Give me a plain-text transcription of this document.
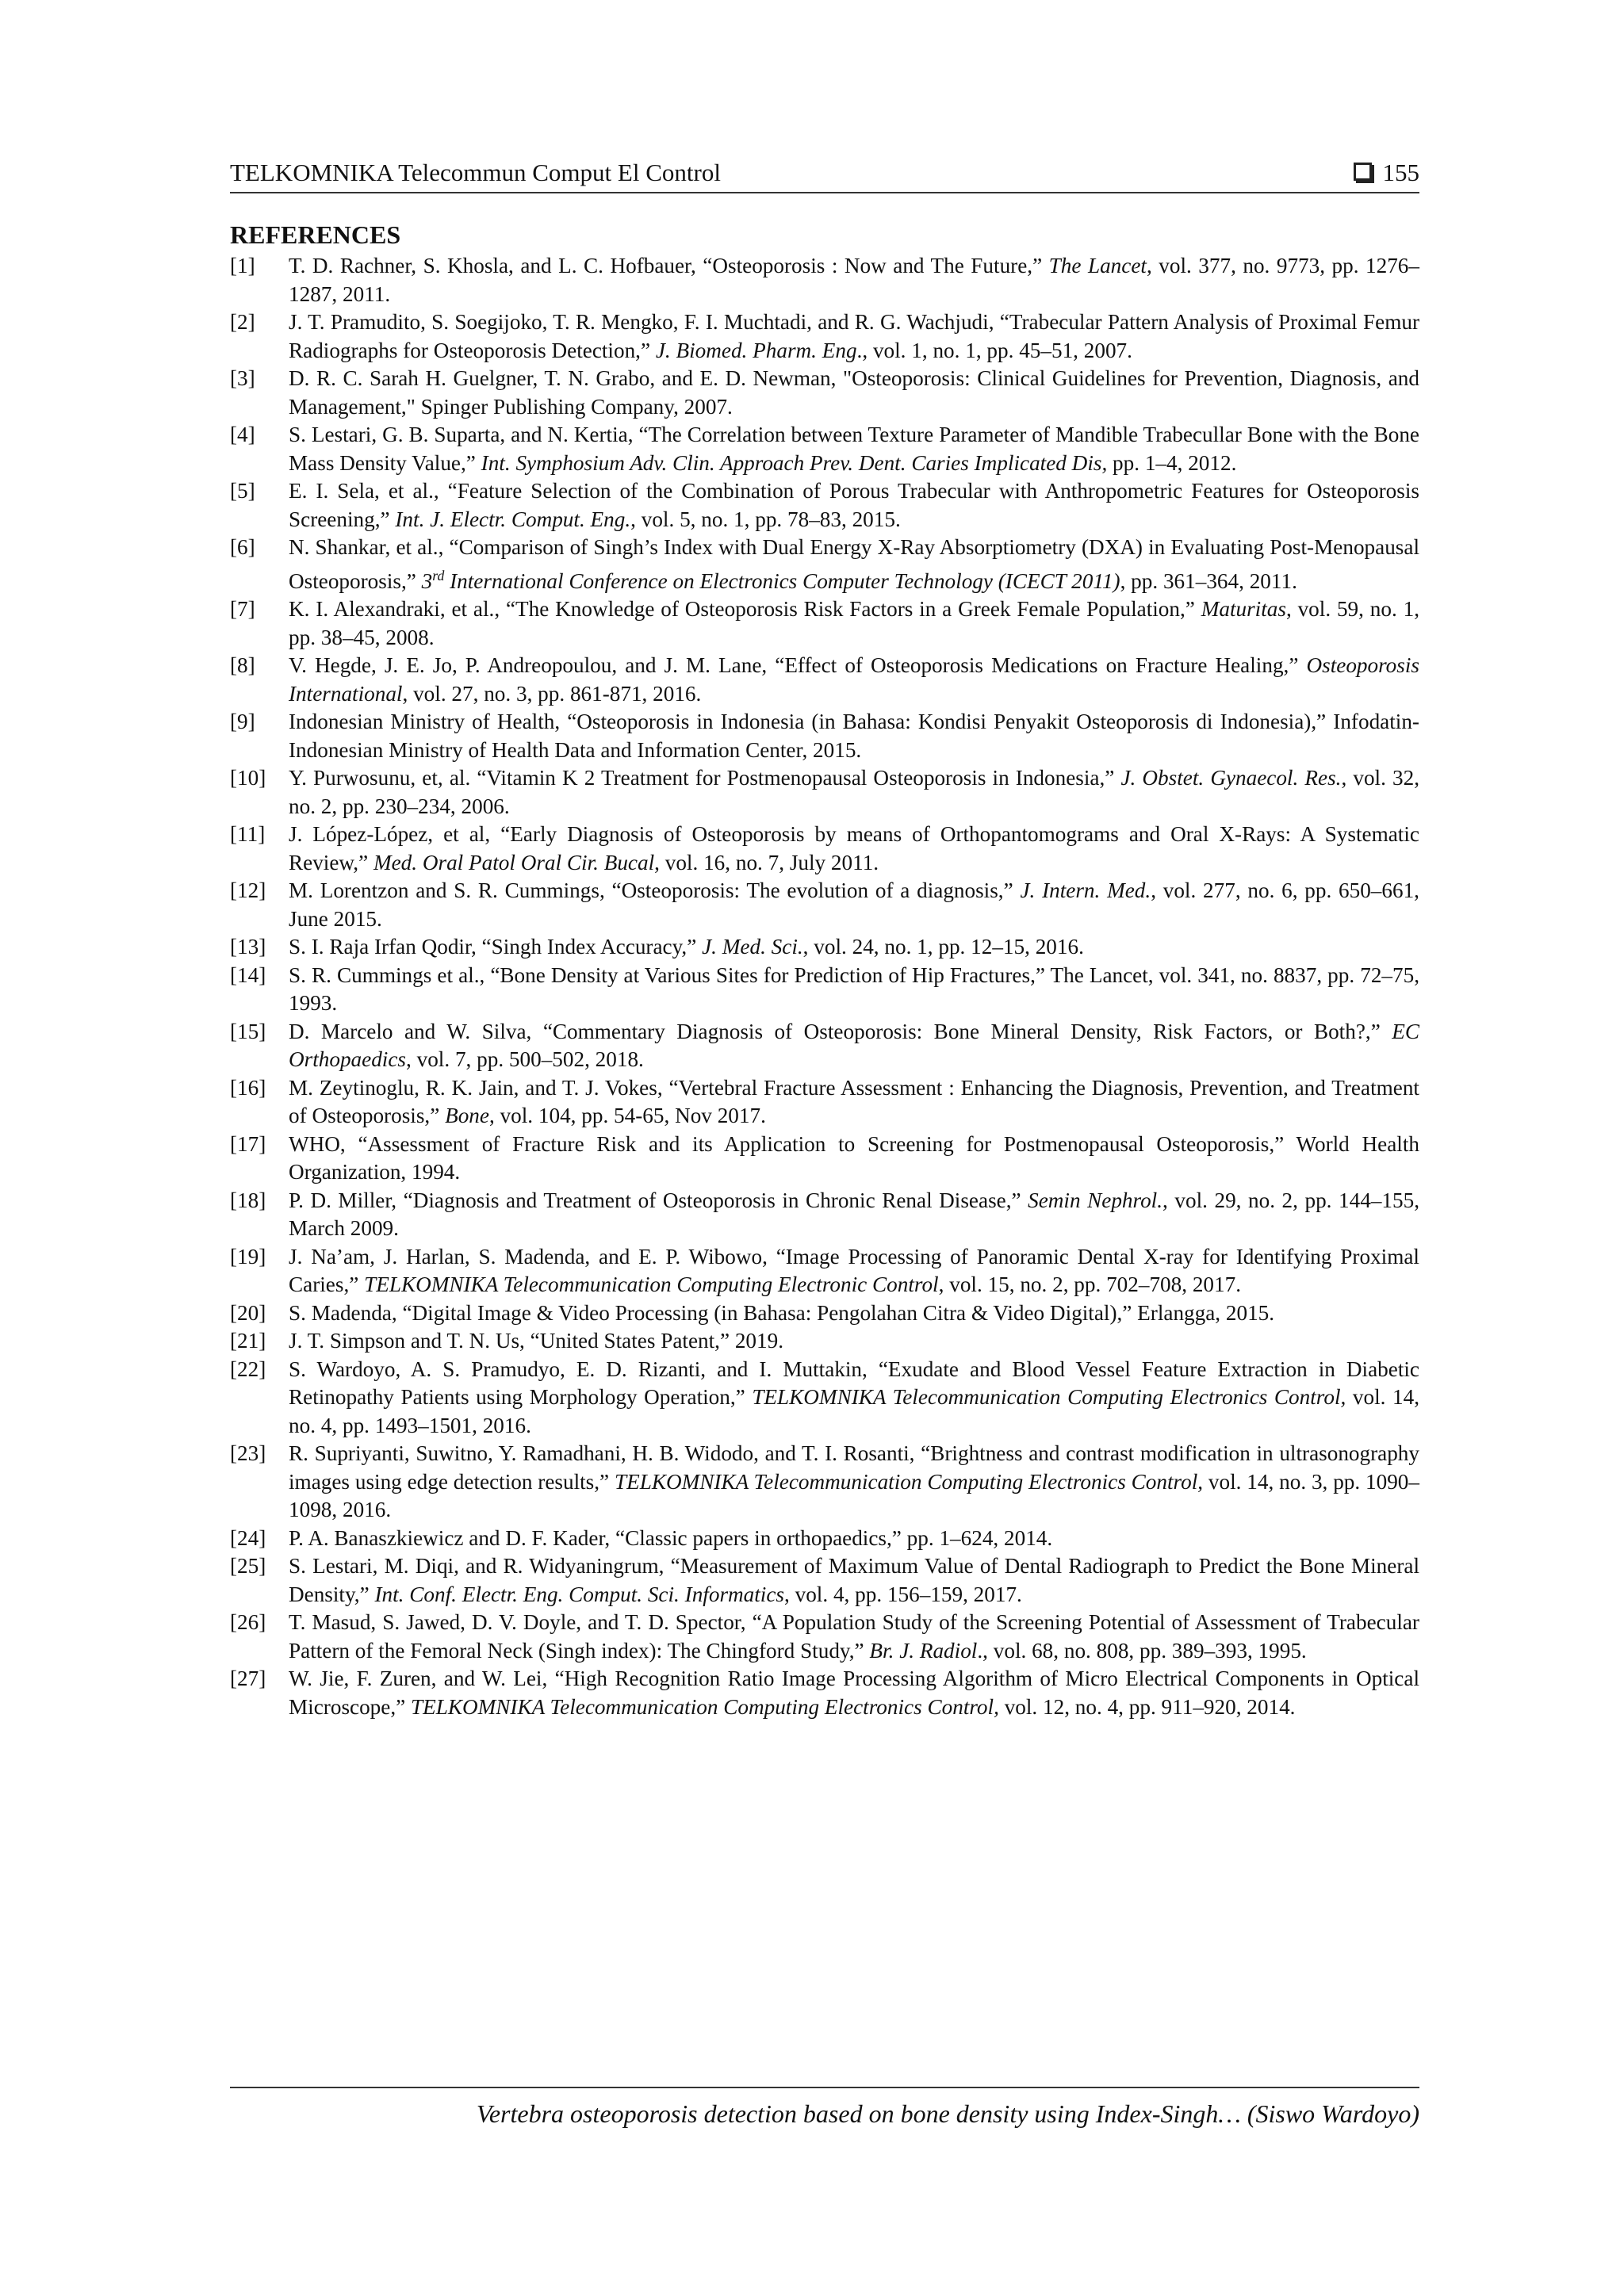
TELKOMNIKA Telecommun Comput El Control	155
REFERENCES
[1]	T. D. Rachner, S. Khosla, and L. C. Hofbauer, “Osteoporosis : Now and The Future,” The Lancet, vol. 377, no. 9773, pp. 1276–1287, 2011.
[2]	J. T. Pramudito, S. Soegijoko, T. R. Mengko, F. I. Muchtadi, and R. G. Wachjudi, “Trabecular Pattern Analysis of Proximal Femur Radiographs for Osteoporosis Detection,” J. Biomed. Pharm. Eng., vol. 1, no. 1, pp. 45–51, 2007.
[3]	D. R. C. Sarah H. Guelgner, T. N. Grabo, and E. D. Newman, "Osteoporosis: Clinical Guidelines for Prevention, Diagnosis, and Management," Spinger Publishing Company, 2007.
[4]	S. Lestari, G. B. Suparta, and N. Kertia, “The Correlation between Texture Parameter of Mandible Trabecullar Bone with the Bone Mass Density Value,” Int. Symphosium Adv. Clin. Approach Prev. Dent. Caries Implicated Dis, pp. 1–4, 2012.
[5]	E. I. Sela, et al., “Feature Selection of the Combination of Porous Trabecular with Anthropometric Features for Osteoporosis Screening,” Int. J. Electr. Comput. Eng., vol. 5, no. 1, pp. 78–83, 2015.
[6]	N. Shankar, et al., “Comparison of Singh’s Index with Dual Energy X-Ray Absorptiometry (DXA) in Evaluating Post-Menopausal Osteoporosis,” 3rd International Conference on Electronics Computer Technology (ICECT 2011), pp. 361–364, 2011.
[7]	K. I. Alexandraki, et al., “The Knowledge of Osteoporosis Risk Factors in a Greek Female Population,” Maturitas, vol. 59, no. 1, pp. 38–45, 2008.
[8]	V. Hegde, J. E. Jo, P. Andreopoulou, and J. M. Lane, “Effect of Osteoporosis Medications on Fracture Healing,” Osteoporosis International, vol. 27, no. 3, pp. 861-871, 2016.
[9]	Indonesian Ministry of Health, “Osteoporosis in Indonesia (in Bahasa: Kondisi Penyakit Osteoporosis di Indonesia),” Infodatin-Indonesian Ministry of Health Data and Information Center, 2015.
[10]	Y. Purwosunu, et, al. “Vitamin K 2 Treatment for Postmenopausal Osteoporosis in Indonesia,” J. Obstet. Gynaecol. Res., vol. 32, no. 2, pp. 230–234, 2006.
[11]	J. López-López, et al, “Early Diagnosis of Osteoporosis by means of Orthopantomograms and Oral X-Rays: A Systematic Review,” Med. Oral Patol Oral Cir. Bucal, vol. 16, no. 7, July 2011.
[12]	M. Lorentzon and S. R. Cummings, “Osteoporosis: The evolution of a diagnosis,” J. Intern. Med., vol. 277, no. 6, pp. 650–661, June 2015.
[13]	S. I. Raja Irfan Qodir, “Singh Index Accuracy,” J. Med. Sci., vol. 24, no. 1, pp. 12–15, 2016.
[14]	S. R. Cummings et al., “Bone Density at Various Sites for Prediction of Hip Fractures,” The Lancet, vol. 341, no. 8837, pp. 72–75, 1993.
[15]	D. Marcelo and W. Silva, “Commentary Diagnosis of Osteoporosis: Bone Mineral Density, Risk Factors, or Both?,” EC Orthopaedics, vol. 7, pp. 500–502, 2018.
[16]	M. Zeytinoglu, R. K. Jain, and T. J. Vokes, “Vertebral Fracture Assessment : Enhancing the Diagnosis, Prevention, and Treatment of Osteoporosis,” Bone, vol. 104, pp. 54-65, Nov 2017.
[17]	WHO, “Assessment of Fracture Risk and its Application to Screening for Postmenopausal Osteoporosis,” World Health Organization, 1994.
[18]	P. D. Miller, “Diagnosis and Treatment of Osteoporosis in Chronic Renal Disease,” Semin Nephrol., vol. 29, no. 2, pp. 144–155, March 2009.
[19]	J. Na’am, J. Harlan, S. Madenda, and E. P. Wibowo, “Image Processing of Panoramic Dental X-ray for Identifying Proximal Caries,” TELKOMNIKA Telecommunication Computing Electronic Control, vol. 15, no. 2, pp. 702–708, 2017.
[20]	S. Madenda, “Digital Image & Video Processing (in Bahasa: Pengolahan Citra & Video Digital),” Erlangga, 2015.
[21]	J. T. Simpson and T. N. Us, “United States Patent,” 2019.
[22]	S. Wardoyo, A. S. Pramudyo, E. D. Rizanti, and I. Muttakin, “Exudate and Blood Vessel Feature Extraction in Diabetic Retinopathy Patients using Morphology Operation,” TELKOMNIKA Telecommunication Computing Electronics Control, vol. 14, no. 4, pp. 1493–1501, 2016.
[23]	R. Supriyanti, Suwitno, Y. Ramadhani, H. B. Widodo, and T. I. Rosanti, “Brightness and contrast modification in ultrasonography images using edge detection results,” TELKOMNIKA Telecommunication Computing Electronics Control, vol. 14, no. 3, pp. 1090–1098, 2016.
[24]	P. A. Banaszkiewicz and D. F. Kader, “Classic papers in orthopaedics,” pp. 1–624, 2014.
[25]	S. Lestari, M. Diqi, and R. Widyaningrum, “Measurement of Maximum Value of Dental Radiograph to Predict the Bone Mineral Density,” Int. Conf. Electr. Eng. Comput. Sci. Informatics, vol. 4, pp. 156–159, 2017.
[26]	T. Masud, S. Jawed, D. V. Doyle, and T. D. Spector, “A Population Study of the Screening Potential of Assessment of Trabecular Pattern of the Femoral Neck (Singh index): The Chingford Study,” Br. J. Radiol., vol. 68, no. 808, pp. 389–393, 1995.
[27]	W. Jie, F. Zuren, and W. Lei, “High Recognition Ratio Image Processing Algorithm of Micro Electrical Components in Optical Microscope,” TELKOMNIKA Telecommunication Computing Electronics Control, vol. 12, no. 4, pp. 911–920, 2014.
Vertebra osteoporosis detection based on bone density using Index-Singh… (Siswo Wardoyo)
